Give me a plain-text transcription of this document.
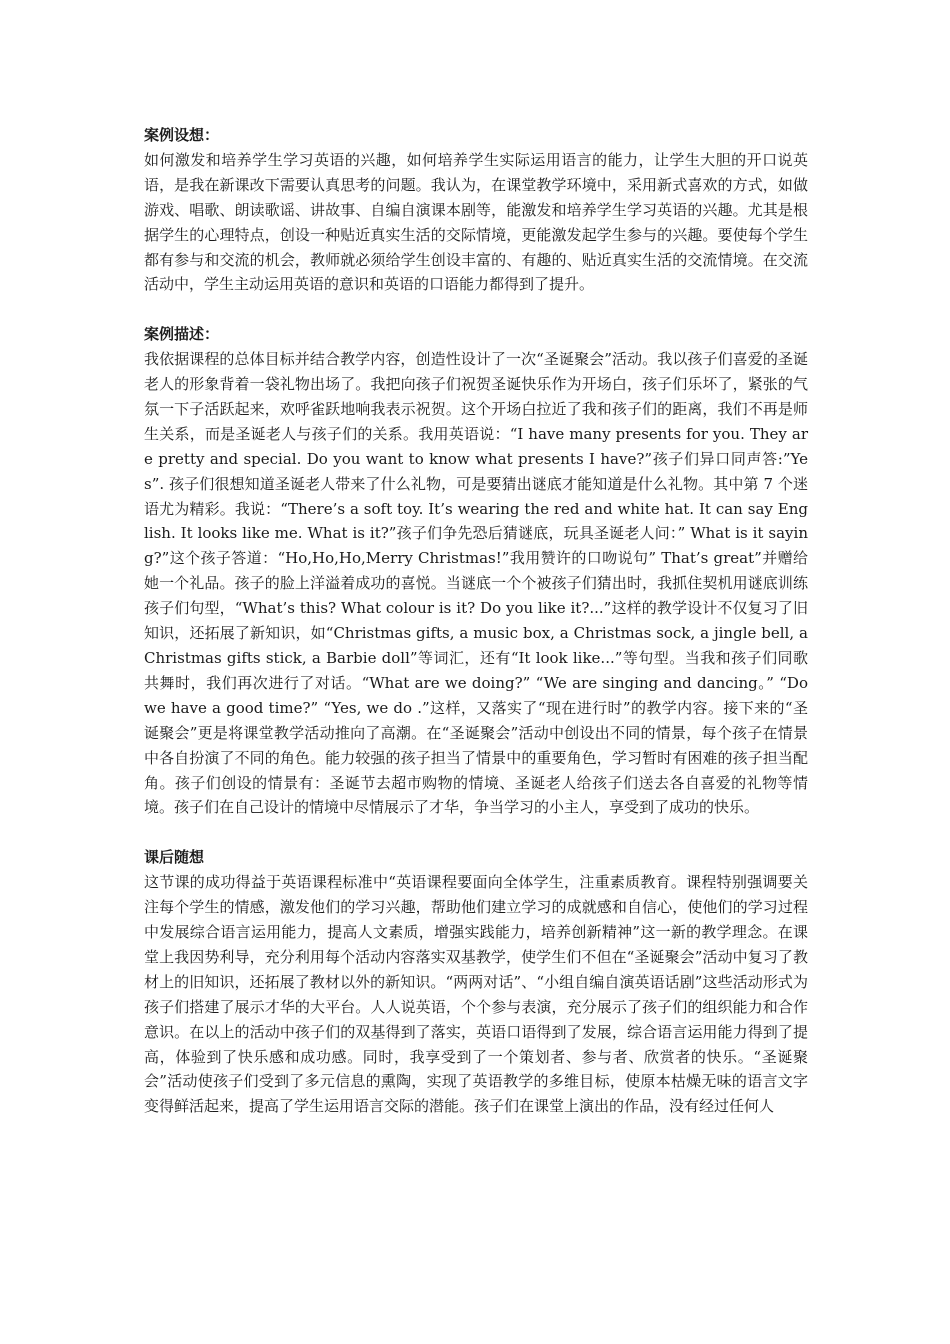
案例设想：

如何激发和培养学生学习英语的兴趣，如何培养学生实际运用语言的能力，让学生大胆的开口说英语，是我在新课改下需要认真思考的问题。我认为，在课堂教学环境中，采用新式喜欢的方式，如做游戏、唱歌、朗读歌谣、讲故事、自编自演课本剧等，能激发和培养学生学习英语的兴趣。尤其是根据学生的心理特点，创设一种贴近真实生活的交际情境，更能激发起学生参与的兴趣。要使每个学生都有参与和交流的机会，教师就必须给学生创设丰富的、有趣的、贴近真实生活的交流情境。在交流活动中，学生主动运用英语的意识和英语的口语能力都得到了提升。

案例描述：

我依据课程的总体目标并结合教学内容，创造性设计了一次“圣诞聚会”活动。我以孩子们喜爱的圣诞老人的形象背着一袋礼物出场了。我把向孩子们祝贺圣诞快乐作为开场白，孩子们乐坏了，紧张的气氛一下子活跃起来，欢呼雀跃地响我表示祝贺。这个开场白拉近了我和孩子们的距离，我们不再是师生关系，而是圣诞老人与孩子们的关系。我用英语说：“I have many presents for you. They are pretty and special. Do you want to know what presents I have?”孩子们异口同声答:”Yes”. 孩子们很想知道圣诞老人带来了什么礼物，可是要猜出谜底才能知道是什么礼物。其中第 7 个迷语尤为精彩。我说：“There’s a soft toy. It’s wearing the red and white hat. It can say English. It looks like me. What is it?”孩子们争先恐后猜谜底，玩具圣诞老人问：” What is it saying?”这个孩子答道：“Ho,Ho,Ho,Merry Christmas!”我用赞许的口吻说句” That’s great”并赠给她一个礼品。孩子的脸上洋溢着成功的喜悦。当谜底一个个被孩子们猜出时，我抓住契机用谜底训练孩子们句型，“What’s this? What colour is it? Do you like it?...”这样的教学设计不仅复习了旧知识，还拓展了新知识，如“Christmas gifts, a music box, a Christmas sock, a jingle bell, a Christmas gifts stick, a Barbie doll”等词汇，还有“It look like...”等句型。当我和孩子们同歌共舞时，我们再次进行了对话。“What are we doing?” “We are singing and dancing。” “Do we have a good time?” “Yes, we do .”这样，又落实了“现在进行时”的教学内容。接下来的“圣诞聚会”更是将课堂教学活动推向了高潮。在“圣诞聚会”活动中创设出不同的情景，每个孩子在情景中各自扮演了不同的角色。能力较强的孩子担当了情景中的重要角色，学习暂时有困难的孩子担当配角。孩子们创设的情景有：圣诞节去超市购物的情境、圣诞老人给孩子们送去各自喜爱的礼物等情境。孩子们在自己设计的情境中尽情展示了才华，争当学习的小主人，享受到了成功的快乐。

课后随想

这节课的成功得益于英语课程标准中“英语课程要面向全体学生，注重素质教育。课程特别强调要关注每个学生的情感，激发他们的学习兴趣，帮助他们建立学习的成就感和自信心，使他们的学习过程中发展综合语言运用能力，提高人文素质，增强实践能力，培养创新精神”这一新的教学理念。在课堂上我因势利导，充分利用每个活动内容落实双基教学，使学生们不但在“圣诞聚会”活动中复习了教材上的旧知识，还拓展了教材以外的新知识。“两两对话”、“小组自编自演英语话剧”这些活动形式为孩子们搭建了展示才华的大平台。人人说英语，个个参与表演，充分展示了孩子们的组织能力和合作意识。在以上的活动中孩子们的双基得到了落实，英语口语得到了发展，综合语言运用能力得到了提高，体验到了快乐感和成功感。同时，我享受到了一个策划者、参与者、欣赏者的快乐。“圣诞聚会”活动使孩子们受到了多元信息的熏陶，实现了英语教学的多维目标，使原本枯燥无味的语言文字变得鲜活起来，提高了学生运用语言交际的潜能。孩子们在课堂上演出的作品，没有经过任何人
